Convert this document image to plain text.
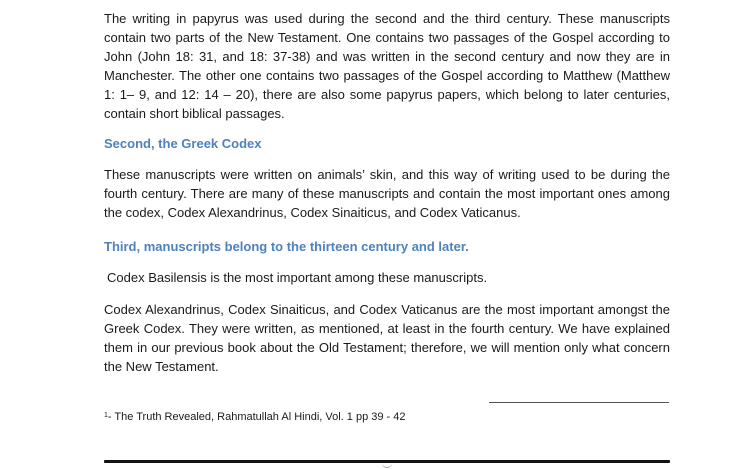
The writing in papyrus was used during the second and the third century. These manuscripts contain two parts of the New Testament. One contains two passages of the Gospel according to John (John 18: 31, and 18: 37-38) and was written in the second century and now they are in Manchester. The other one contains two passages of the Gospel according to Matthew (Matthew 1: 1– 9, and 12: 14 – 20), there are also some papyrus papers, which belong to later centuries, contain short biblical passages.

Second, the Greek Codex

These manuscripts were written on animals’ skin, and this way of writing used to be during the fourth century. There are many of these manuscripts and contain the most important ones among the codex, Codex Alexandrinus, Codex Sinaiticus, and Codex Vaticanus.

Third, manuscripts belong to the thirteen century and later.

Codex Basilensis is the most important among these manuscripts.

Codex Alexandrinus, Codex Sinaiticus, and Codex Vaticanus are the most important amongst the Greek Codex. They were written, as mentioned, at least in the fourth century. We have explained them in our previous book about the Old Testament; therefore, we will mention only what concern the New Testament.

$^1$- The Truth Revealed, Rahmatullah Al Hindi, Vol. 1 pp 39 - 42
